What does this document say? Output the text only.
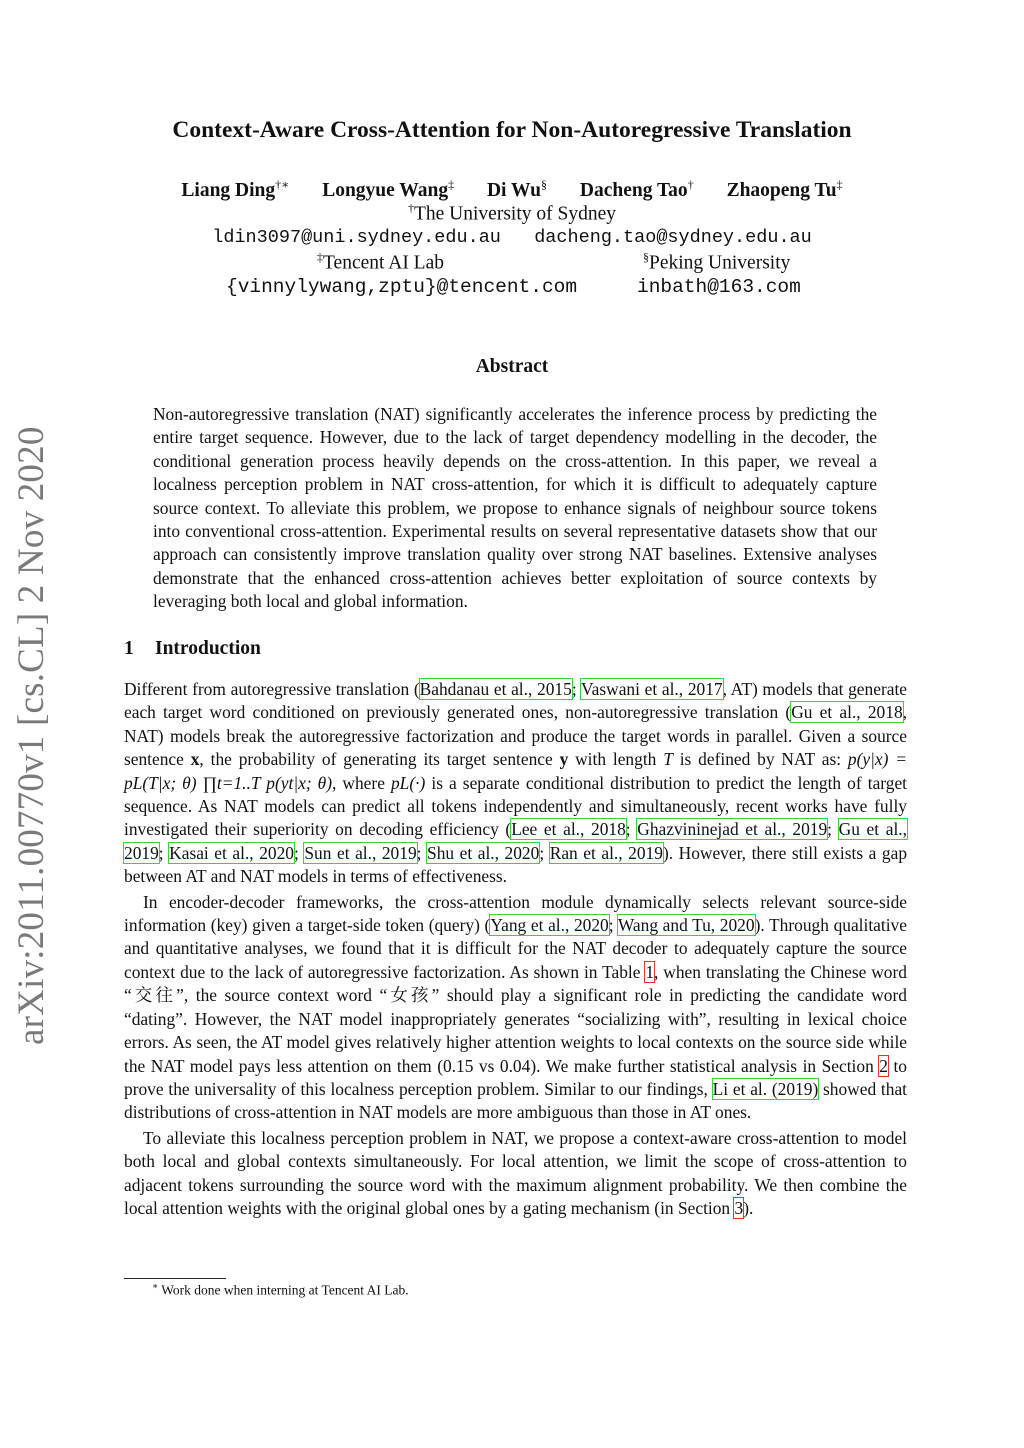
arXiv:2011.00770v1 [cs.CL] 2 Nov 2020
Context-Aware Cross-Attention for Non-Autoregressive Translation
Liang Ding†∗ Longyue Wang‡ Di Wu§ Dacheng Tao† Zhaopeng Tu‡
†The University of Sydney
ldin3097@uni.sydney.edu.au   dacheng.tao@sydney.edu.au
‡Tencent AI Lab	§Peking University
{vinnylywang,zptu}@tencent.com	inbath@163.com
Abstract

Non-autoregressive translation (NAT) significantly accelerates the inference process by predicting the entire target sequence. However, due to the lack of target dependency modelling in the decoder, the conditional generation process heavily depends on the cross-attention. In this paper, we reveal a localness perception problem in NAT cross-attention, for which it is difficult to adequately capture source context. To alleviate this problem, we propose to enhance signals of neighbour source tokens into conventional cross-attention. Experimental results on several representative datasets show that our approach can consistently improve translation quality over strong NAT baselines. Extensive analyses demonstrate that the enhanced cross-attention achieves better exploitation of source contexts by leveraging both local and global information.

1 Introduction

Different from autoregressive translation (Bahdanau et al., 2015; Vaswani et al., 2017, AT) models that generate each target word conditioned on previously generated ones, non-autoregressive translation (Gu et al., 2018, NAT) models break the autoregressive factorization and produce the target words in parallel. Given a source sentence x, the probability of generating its target sentence y with length T is defined by NAT as: p(y|x) = pL(T|x; θ) ∏t=1..T p(yt|x; θ), where pL(·) is a separate conditional distribution to predict the length of target sequence. As NAT models can predict all tokens independently and simultaneously, recent works have fully investigated their superiority on decoding efficiency (Lee et al., 2018; Ghazvininejad et al., 2019; Gu et al., 2019; Kasai et al., 2020; Sun et al., 2019; Shu et al., 2020; Ran et al., 2019). However, there still exists a gap between AT and NAT models in terms of effectiveness.

In encoder-decoder frameworks, the cross-attention module dynamically selects relevant source-side information (key) given a target-side token (query) (Yang et al., 2020; Wang and Tu, 2020). Through qualitative and quantitative analyses, we found that it is difficult for the NAT decoder to adequately capture the source context due to the lack of autoregressive factorization. As shown in Table 1, when translating the Chinese word “交往”, the source context word “女孩” should play a significant role in predicting the candidate word “dating”. However, the NAT model inappropriately generates “socializing with”, resulting in lexical choice errors. As seen, the AT model gives relatively higher attention weights to local contexts on the source side while the NAT model pays less attention on them (0.15 vs 0.04). We make further statistical analysis in Section 2 to prove the universality of this localness perception problem. Similar to our findings, Li et al. (2019) showed that distributions of cross-attention in NAT models are more ambiguous than those in AT ones.

To alleviate this localness perception problem in NAT, we propose a context-aware cross-attention to model both local and global contexts simultaneously. For local attention, we limit the scope of cross-attention to adjacent tokens surrounding the source word with the maximum alignment probability. We then combine the local attention weights with the original global ones by a gating mechanism (in Section 3).

∗ Work done when interning at Tencent AI Lab.
